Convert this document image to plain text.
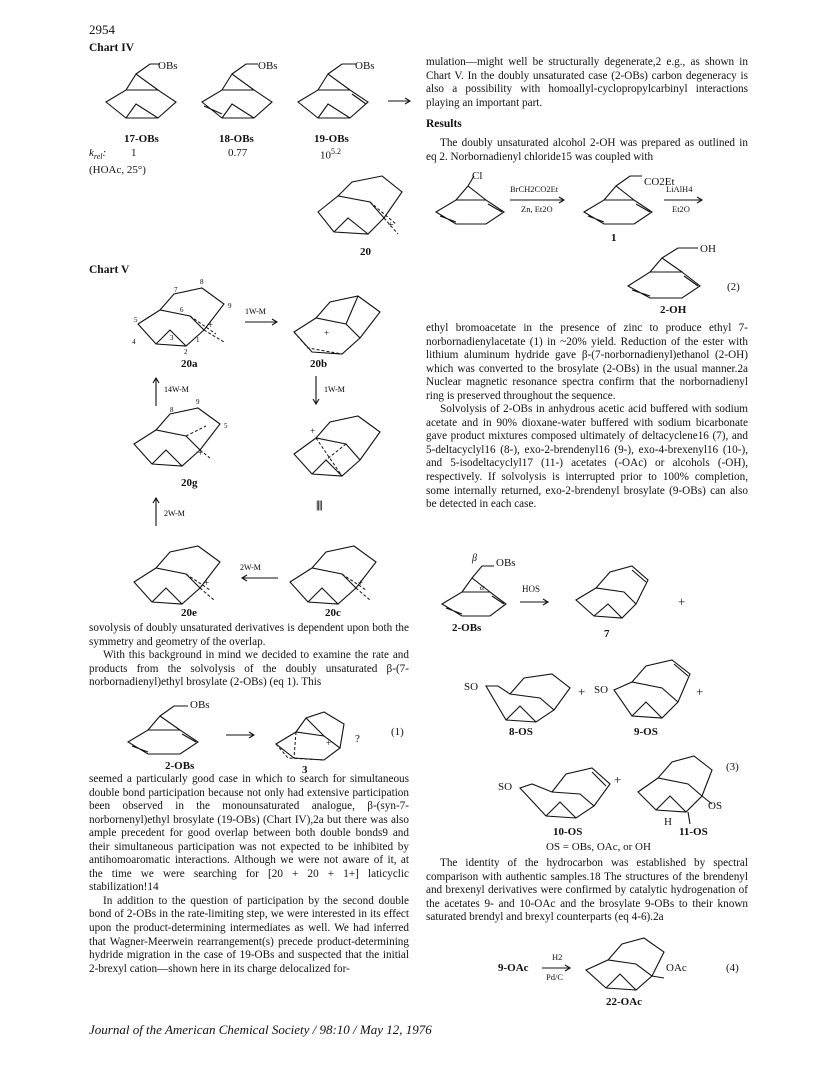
2954
Chart IV
OBs	OBs	OBs
17-OBs	18-OBs	19-OBs
$k_{rel}$: 1	0.77	$10^{5.2}$
(HOAc, 25°)
+
20
Chart V
+
8
7
6	9
5
4	3	1
2
20a
1W-M
+
20b
14W-M	1W-M
+
9
8
5
20g
+
||||
2W-M
+
20e
2W-M
+
20c

sovolysis of doubly unsaturated derivatives is dependent upon both the symmetry and geometry of the overlap.

With this background in mind we decided to examine the rate and products from the solvolysis of the doubly unsaturated β-(7-norbornadienyl)ethyl brosylate (2-OBs) (eq 1). This

OBs
+ ?
(1)
2-OBs	3

seemed a particularly good case in which to search for simultaneous double bond participation because not only had extensive participation been observed in the monounsaturated analogue, β-(syn-7-norbornenyl)ethyl brosylate (19-OBs) (Chart IV),2a but there was also ample precedent for good overlap between both double bonds9 and their simultaneous participation was not expected to be inhibited by antihomoaromatic interactions. Although we were not aware of it, at the time we were searching for [20 + 20 + 1+] laticyclic stabilization!14

In addition to the question of participation by the second double bond of 2-OBs in the rate-limiting step, we were interested in its effect upon the product-determining intermediates as well. We had inferred that Wagner-Meerwein rearrangement(s) precede product-determining hydride migration in the case of 19-OBs and suspected that the initial 2-brexyl cation—shown here in its charge delocalized for-

mulation—might well be structurally degenerate,2 e.g., as shown in Chart V. In the doubly unsaturated case (2-OBs) carbon degeneracy is also a possibility with homoallyl-cyclopropylcarbinyl interactions playing an important part.

Results

The doubly unsaturated alcohol 2-OH was prepared as outlined in eq 2. Norbornadienyl chloride15 was coupled with

Cl
BrCH2CO2Et
Zn, Et2O
CO2Et
LiAlH4
Et2O
1
OH
(2)
2-OH

ethyl bromoacetate in the presence of zinc to produce ethyl 7-norbornadienylacetate (1) in ~20% yield. Reduction of the ester with lithium aluminum hydride gave β-(7-norbornadienyl)ethanol (2-OH) which was converted to the brosylate (2-OBs) in the usual manner.2a Nuclear magnetic resonance spectra confirm that the norbornadienyl ring is preserved throughout the sequence.

Solvolysis of 2-OBs in anhydrous acetic acid buffered with sodium acetate and in 90% dioxane-water buffered with sodium bicarbonate gave product mixtures composed ultimately of deltacyclene16 (7), and 5-deltacyclyl16 (8-), exo-2-brendenyl16 (9-), exo-4-brexenyl16 (10-), and 5-isodeltacyclyl17 (11-) acetates (-OAc) or alcohols (-OH), respectively. If solvolysis is interrupted prior to 100% completion, some internally returned, exo-2-brendenyl brosylate (9-OBs) can also be detected in each case.

α
β OBs
HOS
+
2-OBs	7
SO	+ SO	+
8-OS	9-OS
SO	+
OS
H
(3)
10-OS	11-OS
OS = OBs, OAc, or OH

The identity of the hydrocarbon was established by spectral comparison with authentic samples.18 The structures of the brendenyl and brexenyl derivatives were confirmed by catalytic hydrogenation of the acetates 9- and 10-OAc and the brosylate 9-OBs to their known saturated brendyl and brexyl counterparts (eq 4-6).2a

9-OAc
H2
Pd/C
OAc	(4)
22-OAc
Journal of the American Chemical Society / 98:10 / May 12, 1976
